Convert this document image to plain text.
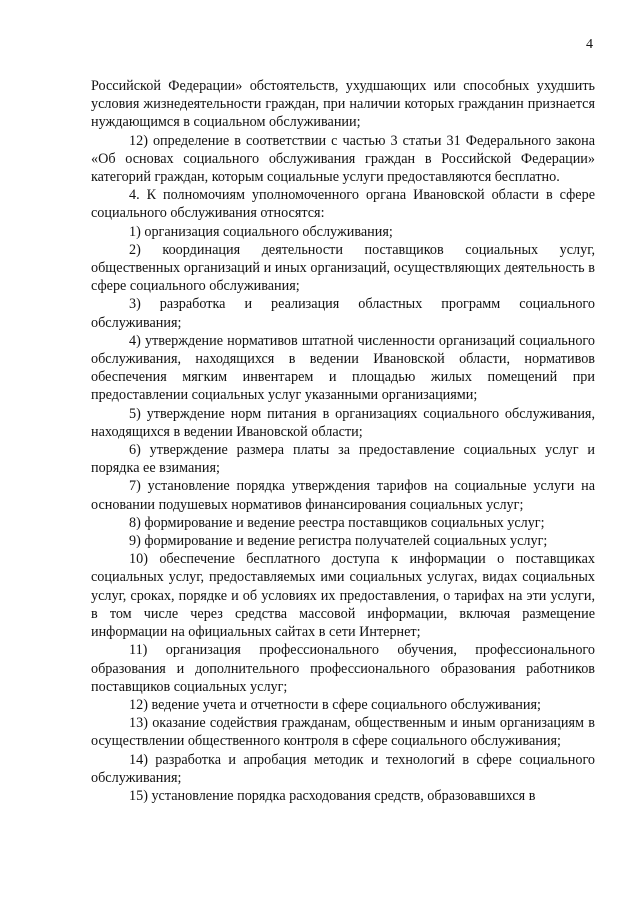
4

Российской Федерации» обстоятельств, ухудшающих или способных ухудшить условия жизнедеятельности граждан, при наличии которых гражданин признается нуждающимся в социальном обслуживании;

12) определение в соответствии с частью 3 статьи 31 Федерального закона «Об основах социального обслуживания граждан в Российской Федерации» категорий граждан, которым социальные услуги предоставляются бесплатно.

4. К полномочиям уполномоченного органа Ивановской области в сфере социального обслуживания относятся:

1) организация социального обслуживания;

2) координация деятельности поставщиков социальных услуг, общественных организаций и иных организаций, осуществляющих деятельность в сфере социального обслуживания;

3) разработка и реализация областных программ социального обслуживания;

4) утверждение нормативов штатной численности организаций социального обслуживания, находящихся в ведении Ивановской области, нормативов обеспечения мягким инвентарем и площадью жилых помещений при предоставлении социальных услуг указанными организациями;

5) утверждение норм питания в организациях социального обслуживания, находящихся в ведении Ивановской области;

6) утверждение размера платы за предоставление социальных услуг и порядка ее взимания;

7) установление порядка утверждения тарифов на социальные услуги на основании подушевых нормативов финансирования социальных услуг;

8) формирование и ведение реестра поставщиков социальных услуг;

9) формирование и ведение регистра получателей социальных услуг;

10) обеспечение бесплатного доступа к информации о поставщиках социальных услуг, предоставляемых ими социальных услугах, видах социальных услуг, сроках, порядке и об условиях их предоставления, о тарифах на эти услуги, в том числе через средства массовой информации, включая размещение информации на официальных сайтах в сети Интернет;

11) организация профессионального обучения, профессионального образования и дополнительного профессионального образования работников поставщиков социальных услуг;

12) ведение учета и отчетности в сфере социального обслуживания;

13) оказание содействия гражданам, общественным и иным организациям в осуществлении общественного контроля в сфере социального обслуживания;

14) разработка и апробация методик и технологий в сфере социального обслуживания;

15) установление порядка расходования средств, образовавшихся в
